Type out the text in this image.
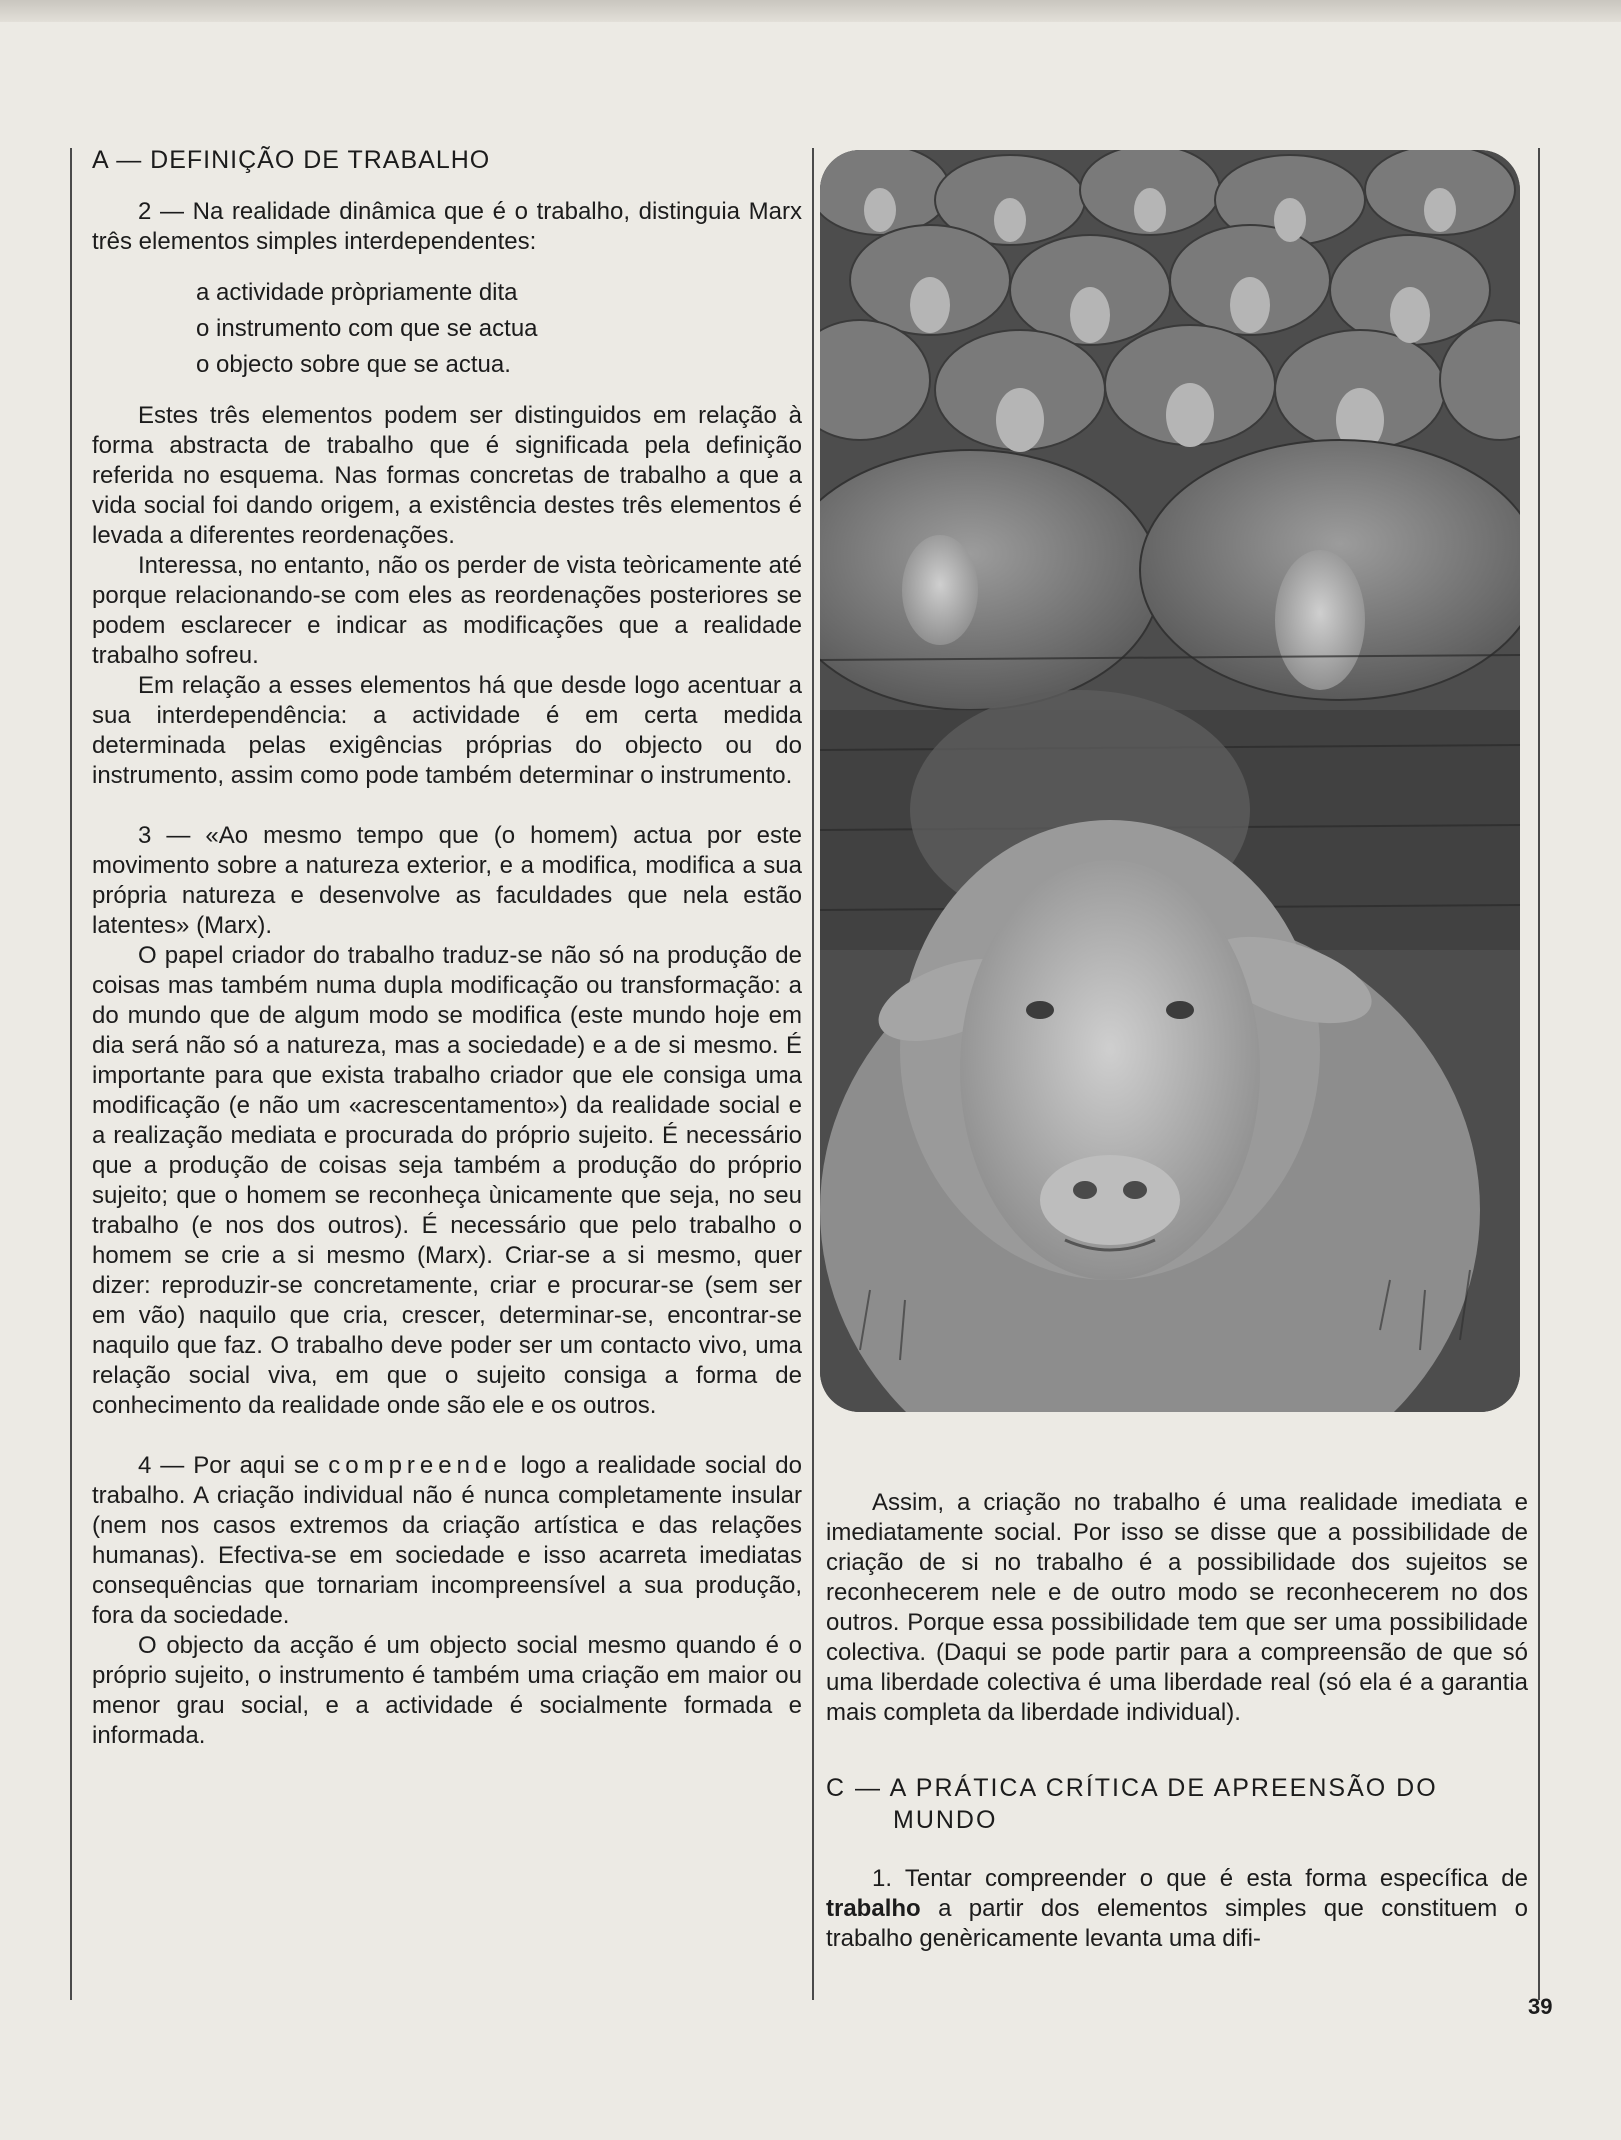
A — DEFINIÇÃO DE TRABALHO

2 — Na realidade dinâmica que é o trabalho, distinguia Marx três elementos simples interdependentes:

a actividade pròpriamente dita
o instrumento com que se actua
o objecto sobre que se actua.

Estes três elementos podem ser distinguidos em relação à forma abstracta de trabalho que é significada pela definição referida no esquema. Nas formas concretas de trabalho a que a vida social foi dando origem, a existência destes três elementos é levada a diferentes reordenações.

Interessa, no entanto, não os perder de vista teòricamente até porque relacionando-se com eles as reordenações posteriores se podem esclarecer e indicar as modificações que a realidade trabalho sofreu.

Em relação a esses elementos há que desde logo acentuar a sua interdependência: a actividade é em certa medida determinada pelas exigências próprias do objecto ou do instrumento, assim como pode também determinar o instrumento.

3 — «Ao mesmo tempo que (o homem) actua por este movimento sobre a natureza exterior, e a modifica, modifica a sua própria natureza e desenvolve as faculdades que nela estão latentes» (Marx).

O papel criador do trabalho traduz-se não só na produção de coisas mas também numa dupla modificação ou transformação: a do mundo que de algum modo se modifica (este mundo hoje em dia será não só a natureza, mas a sociedade) e a de si mesmo. É importante para que exista trabalho criador que ele consiga uma modificação (e não um «acrescentamento») da realidade social e a realização mediata e procurada do próprio sujeito. É necessário que a produção de coisas seja também a produção do próprio sujeito; que o homem se reconheça ùnicamente que seja, no seu trabalho (e nos dos outros). É necessário que pelo trabalho o homem se crie a si mesmo (Marx). Criar-se a si mesmo, quer dizer: reproduzir-se concretamente, criar e procurar-se (sem ser em vão) naquilo que cria, crescer, determinar-se, encontrar-se naquilo que faz. O trabalho deve poder ser um contacto vivo, uma relação social viva, em que o sujeito consiga a forma de conhecimento da realidade onde são ele e os outros.

4 — Por aqui se compreende logo a realidade social do trabalho. A criação individual não é nunca completamente insular (nem nos casos extremos da criação artística e das relações humanas). Efectiva-se em sociedade e isso acarreta imediatas consequências que tornariam incompreensível a sua produção, fora da sociedade.

O objecto da acção é um objecto social mesmo quando é o próprio sujeito, o instrumento é também uma criação em maior ou menor grau social, e a actividade é socialmente formada e informada.

Assim, a criação no trabalho é uma realidade imediata e imediatamente social. Por isso se disse que a possibilidade de criação de si no trabalho é a possibilidade dos sujeitos se reconhecerem nele e de outro modo se reconhecerem no dos outros. Porque essa possibilidade tem que ser uma possibilidade colectiva. (Daqui se pode partir para a compreensão de que só uma liberdade colectiva é uma liberdade real (só ela é a garantia mais completa da liberdade individual).

C — A PRÁTICA CRÍTICA DE APREENSÃO DO
MUNDO

1. Tentar compreender o que é esta forma específica de trabalho a partir dos elementos simples que constituem o trabalho genèricamente levanta uma difi-

39
